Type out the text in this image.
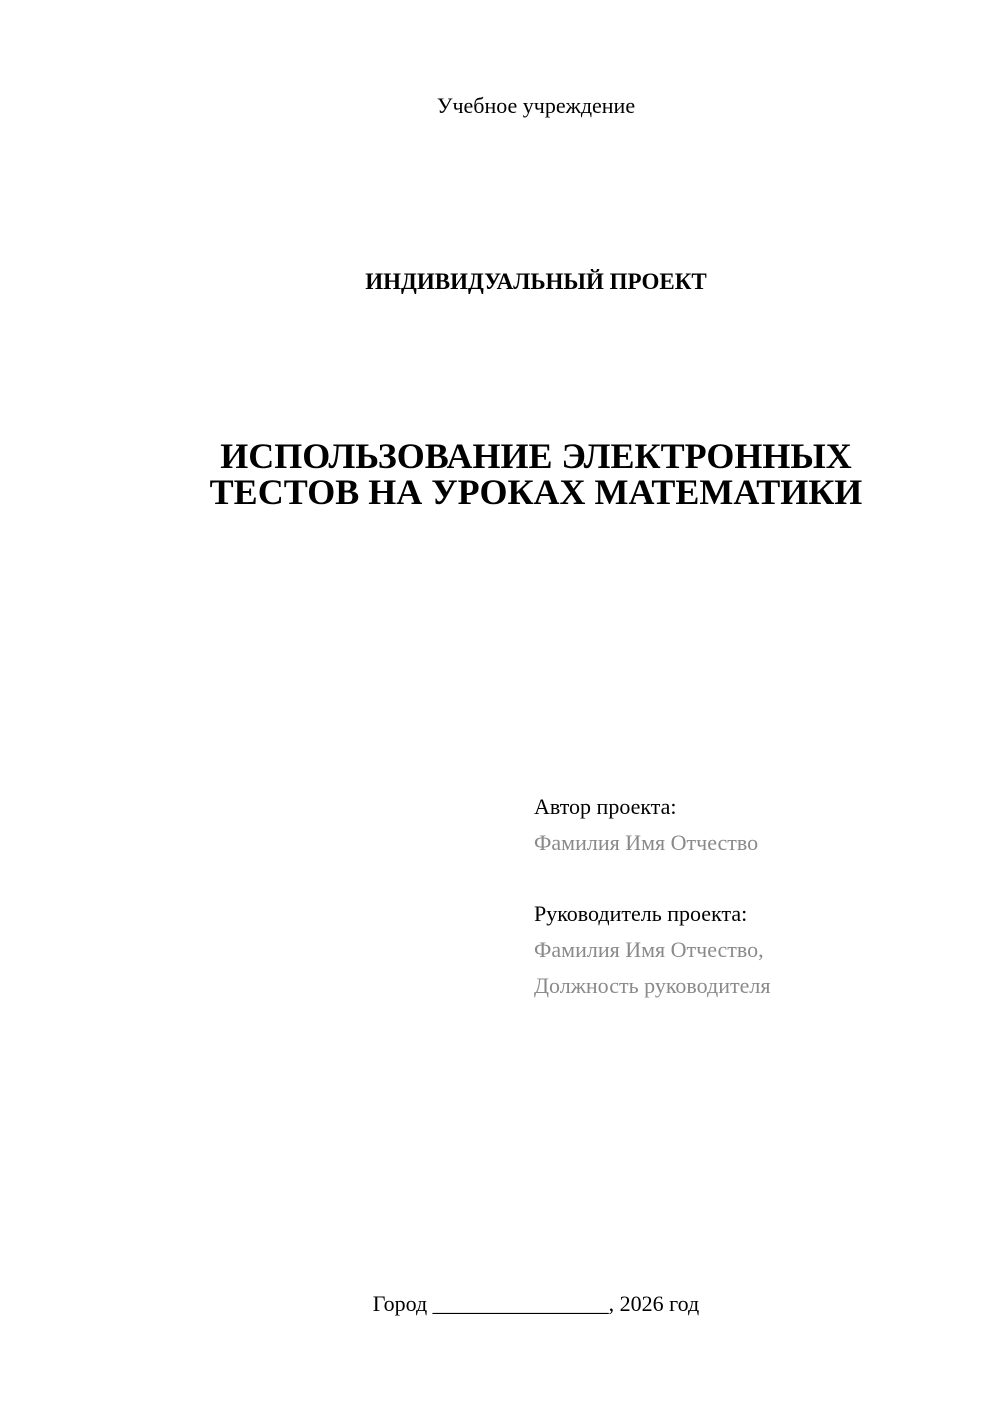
Учебное учреждение
ИНДИВИДУАЛЬНЫЙ ПРОЕКТ
ИСПОЛЬЗОВАНИЕ ЭЛЕКТРОННЫХ
ТЕСТОВ НА УРОКАХ МАТЕМАТИКИ
Автор проекта:
Фамилия Имя Отчество
Руководитель проекта:
Фамилия Имя Отчество,
Должность руководителя
Город ________________, 2026 год
